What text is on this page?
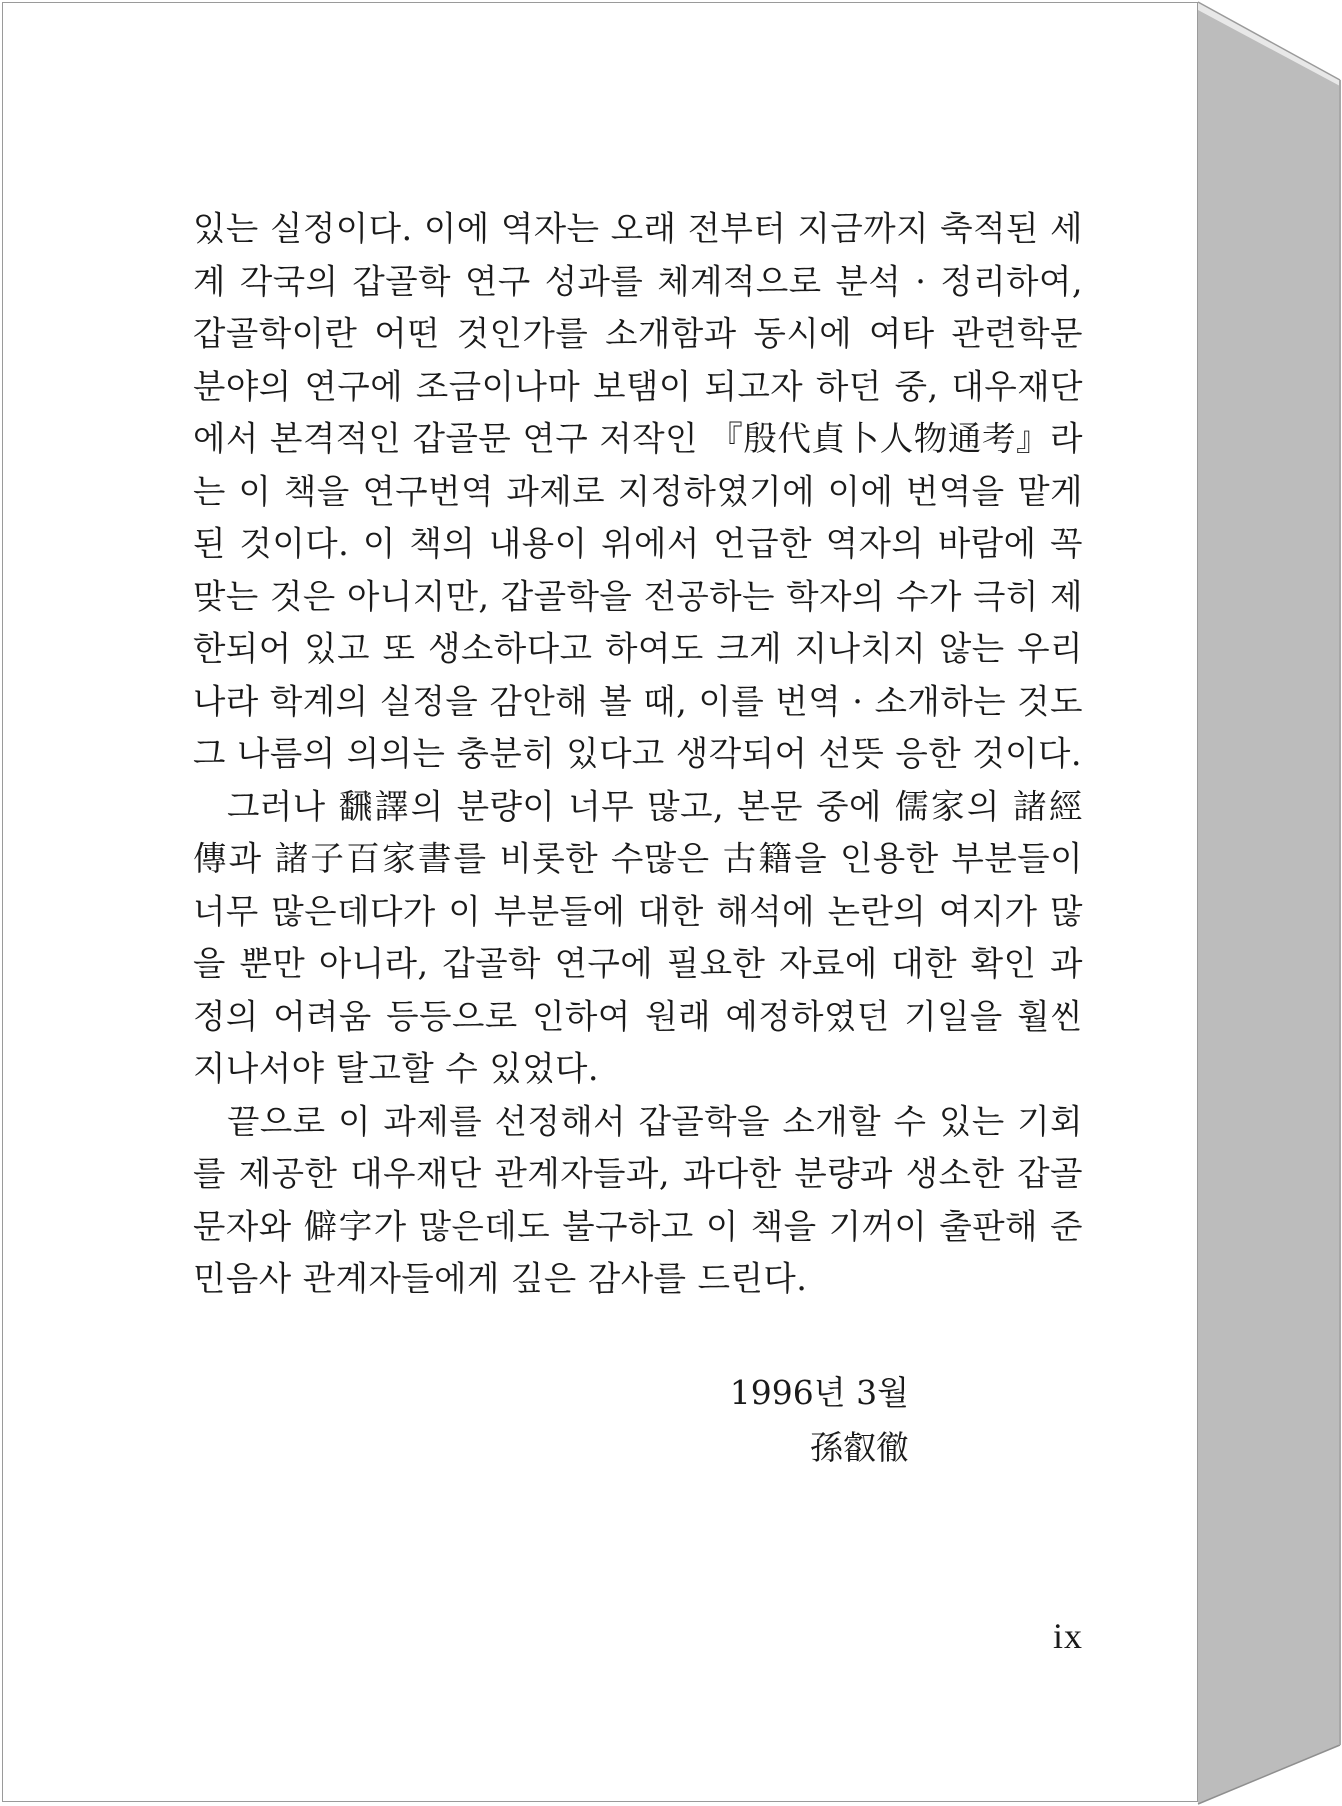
있는 실정이다. 이에 역자는 오래 전부터 지금까지 축적된 세계 각국의 갑골학 연구 성과를 체계적으로 분석 · 정리하여, 갑골학이란 어떤 것인가를 소개함과 동시에 여타 관련학문 분야의 연구에 조금이나마 보탬이 되고자 하던 중, 대우재단에서 본격적인 갑골문 연구 저작인 『殷代貞卜人物通考』라는 이 책을 연구번역 과제로 지정하였기에 이에 번역을 맡게 된 것이다. 이 책의 내용이 위에서 언급한 역자의 바람에 꼭 맞는 것은 아니지만, 갑골학을 전공하는 학자의 수가 극히 제한되어 있고 또 생소하다고 하여도 크게 지나치지 않는 우리 나라 학계의 실정을 감안해 볼 때, 이를 번역 · 소개하는 것도 그 나름의 의의는 충분히 있다고 생각되어 선뜻 응한 것이다.

그러나 飜譯의 분량이 너무 많고, 본문 중에 儒家의 諸經傳과 諸子百家書를 비롯한 수많은 古籍을 인용한 부분들이 너무 많은데다가 이 부분들에 대한 해석에 논란의 여지가 많을 뿐만 아니라, 갑골학 연구에 필요한 자료에 대한 확인 과정의 어려움 등등으로 인하여 원래 예정하였던 기일을 훨씬 지나서야 탈고할 수 있었다.

끝으로 이 과제를 선정해서 갑골학을 소개할 수 있는 기회를 제공한 대우재단 관계자들과, 과다한 분량과 생소한 갑골문자와 僻字가 많은데도 불구하고 이 책을 기꺼이 출판해 준 민음사 관계자들에게 깊은 감사를 드린다.

1996년 3월
孫叡徹
ix
